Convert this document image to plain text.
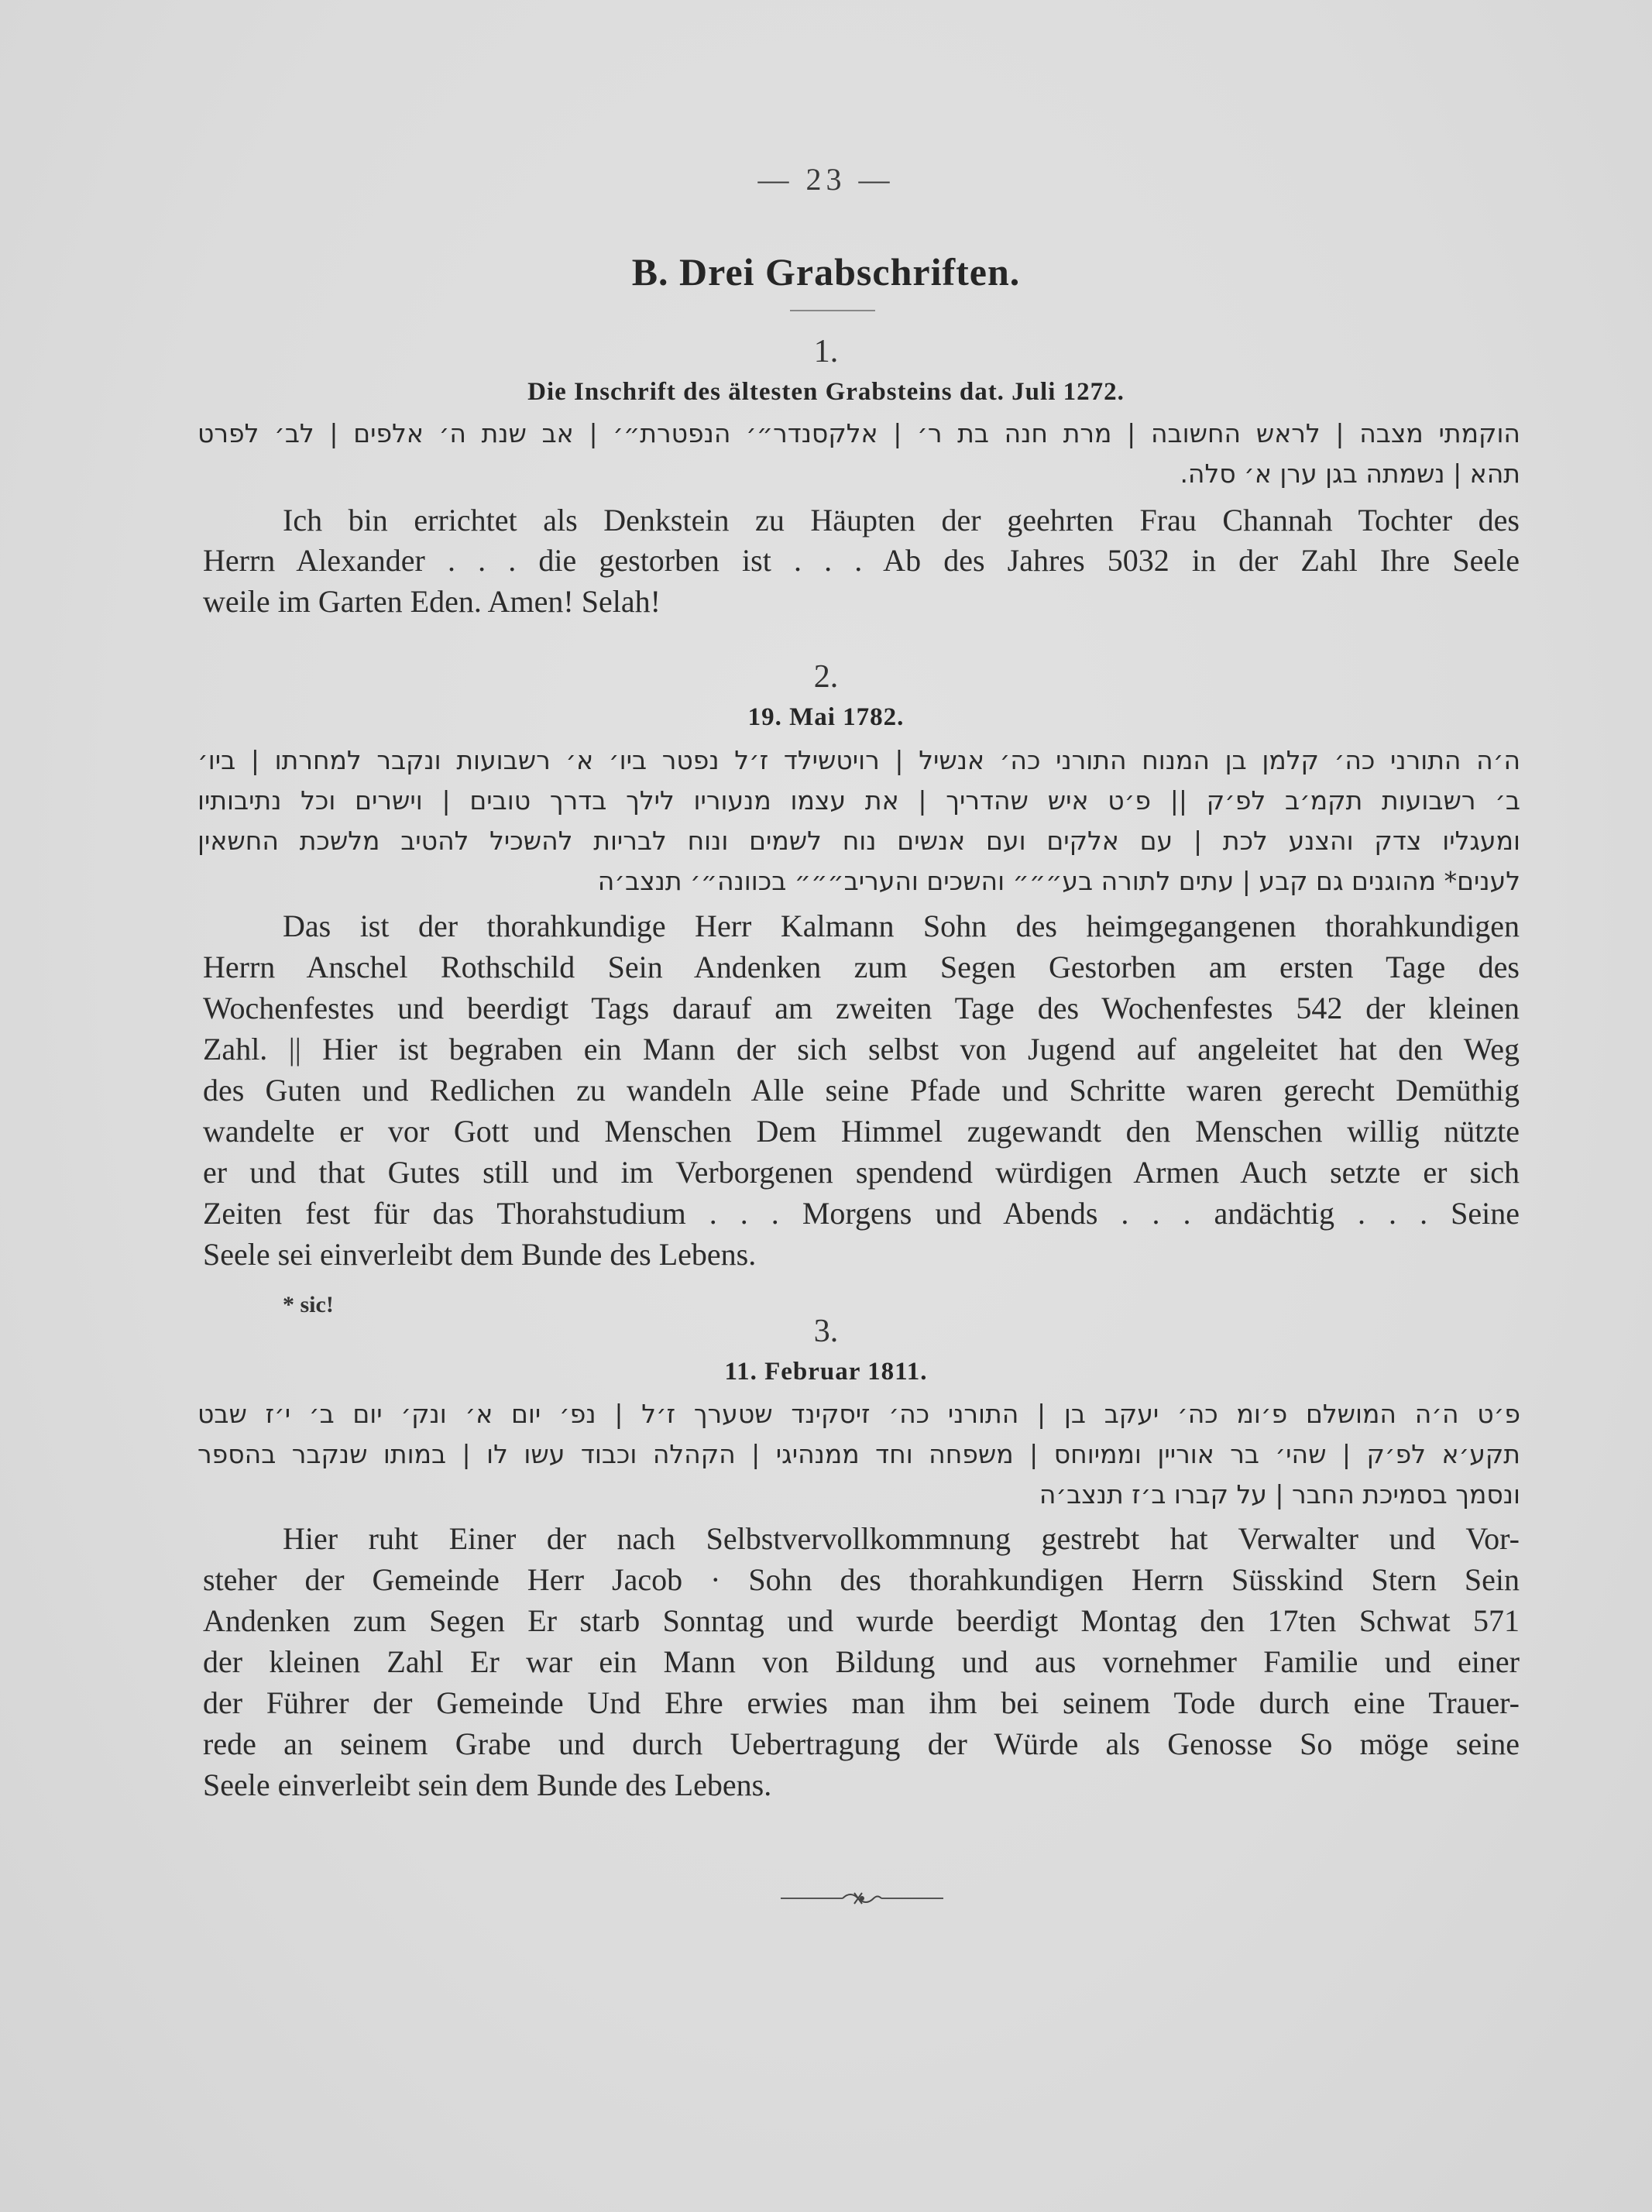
— 23 —
B. Drei Grabschriften.
1.
Die Inschrift des ältesten Grabsteins dat. Juli 1272.
הוקמתי מצבה | לראש החשובה | מרת חנה בת ר׳ | אלקסנדר״׳ הנפטרת״׳ | אב שנת ה׳ אלפים | לב׳ לפרט
תהא | נשמתה בגן ערן א׳ סלה.
Ich bin errichtet als Denkstein zu Häupten der geehrten Frau Channah Tochter des
Herrn Alexander . . . die gestorben ist . . . Ab des Jahres 5032 in der Zahl Ihre Seele
weile im Garten Eden. Amen! Selah!
2.
19. Mai 1782.
ה׳ה התורני כה׳ קלמן בן המנוח התורני כה׳ אנשיל | רויטשילד ז׳ל נפטר ביו׳ א׳ רשבועות ונקבר למחרתו | ביו׳
ב׳ רשבועות תקמ׳ב לפ׳ק || פ׳ט איש שהדריך | את עצמו מנעוריו לילך בדרך טובים | וישרים וכל נתיבותיו
ומעגליו צדק והצנע לכת | עם אלקים ועם אנשים נוח לשמים ונוח לבריות להשכיל להטיב מלשכת החשאין
לענים* מהוגנים גם קבע | עתים לתורה בע״״״ והשכים והעריב״״״ בכוונה״׳ תנצב׳ה
Das ist der thorahkundige Herr Kalmann Sohn des heimgegangenen thorahkundigen
Herrn Anschel Rothschild Sein Andenken zum Segen Gestorben am ersten Tage des
Wochenfestes und beerdigt Tags darauf am zweiten Tage des Wochenfestes 542 der kleinen
Zahl. || Hier ist begraben ein Mann der sich selbst von Jugend auf angeleitet hat den Weg
des Guten und Redlichen zu wandeln Alle seine Pfade und Schritte waren gerecht Demüthig
wandelte er vor Gott und Menschen Dem Himmel zugewandt den Menschen willig nützte
er und that Gutes still und im Verborgenen spendend würdigen Armen Auch setzte er sich
Zeiten fest für das Thorahstudium . . . Morgens und Abends . . . andächtig . . . Seine
Seele sei einverleibt dem Bunde des Lebens.
* sic!
3.
11. Februar 1811.
פ׳ט ה׳ה המושלם פ׳ומ כה׳ יעקב בן | התורני כה׳ זיסקינד שטערך ז׳ל | נפ׳ יום א׳ ונק׳ יום ב׳ י׳ז שבט
תקע׳א לפ׳ק | שהי׳ בר אוריין וממיוחס | משפחה וחד ממנהיגי | הקהלה וכבוד עשו לו | במותו שנקבר בהספר
ונסמך בסמיכת החבר | על קברו ב׳ז תנצב׳ה
Hier ruht Einer der nach Selbstvervollkommnung gestrebt hat Verwalter und Vor-
steher der Gemeinde Herr Jacob · Sohn des thorahkundigen Herrn Süsskind Stern Sein
Andenken zum Segen Er starb Sonntag und wurde beerdigt Montag den 17ten Schwat 571
der kleinen Zahl Er war ein Mann von Bildung und aus vornehmer Familie und einer
der Führer der Gemeinde Und Ehre erwies man ihm bei seinem Tode durch eine Trauer-
rede an seinem Grabe und durch Uebertragung der Würde als Genosse So möge seine
Seele einverleibt sein dem Bunde des Lebens.
